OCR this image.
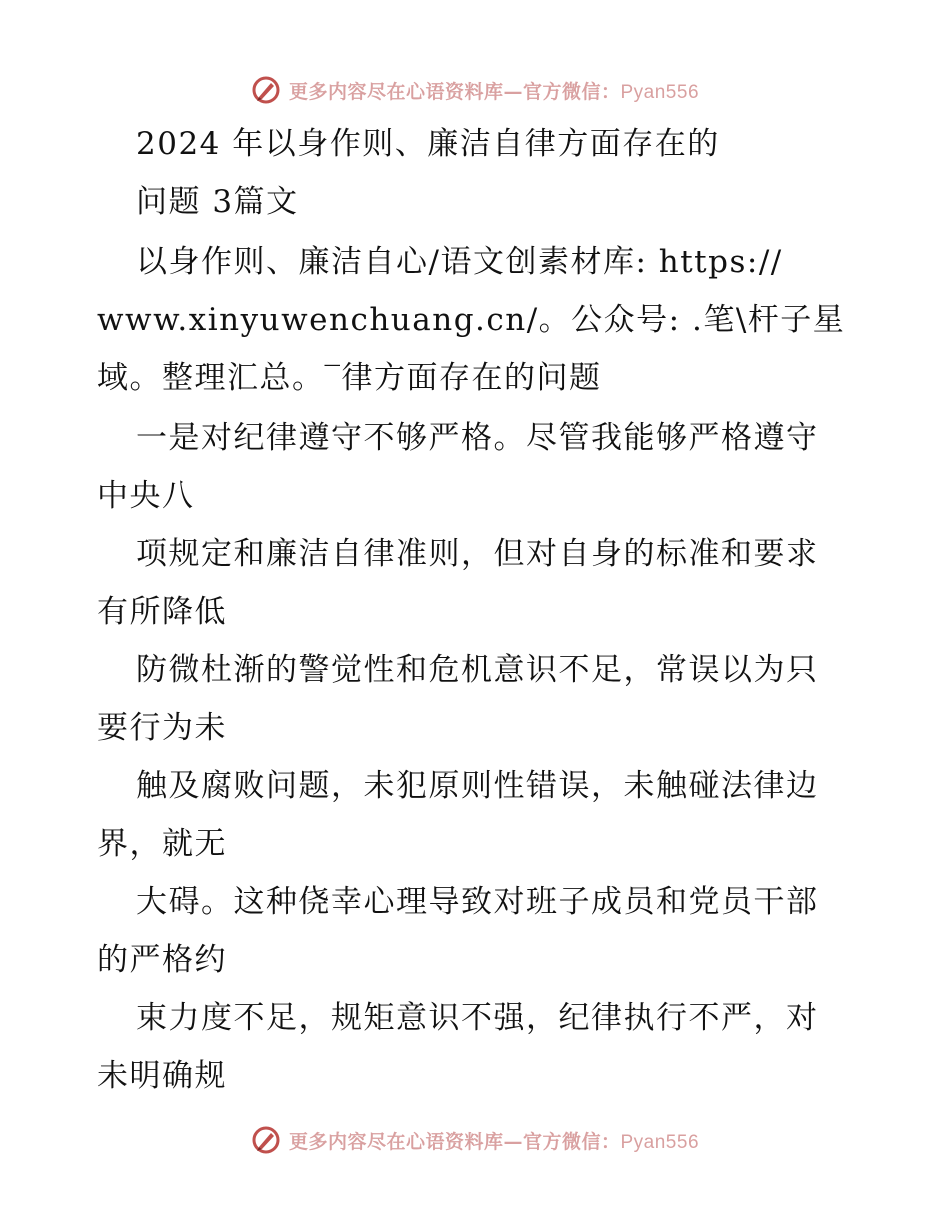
更多内容尽在心语资料库—官方微信：Pyan556
2024 年以身作则、廉洁自律方面存在的
问题 3篇文
以身作则、廉洁自心/语文创素材库: https://
www.xinyuwenchuang.cn/。公众号: .笔\杆子星
域。整理汇总。‾律方面存在的问题
一是对纪律遵守不够严格。尽管我能够严格遵守
中央八
项规定和廉洁自律准则，但对自身的标准和要求
有所降低
防微杜渐的警觉性和危机意识不足，常误以为只
要行为未
触及腐败问题，未犯原则性错误，未触碰法律边
界，就无
大碍。这种侥幸心理导致对班子成员和党员干部
的严格约
束力度不足，规矩意识不强，纪律执行不严，对
未明确规
更多内容尽在心语资料库—官方微信：Pyan556
